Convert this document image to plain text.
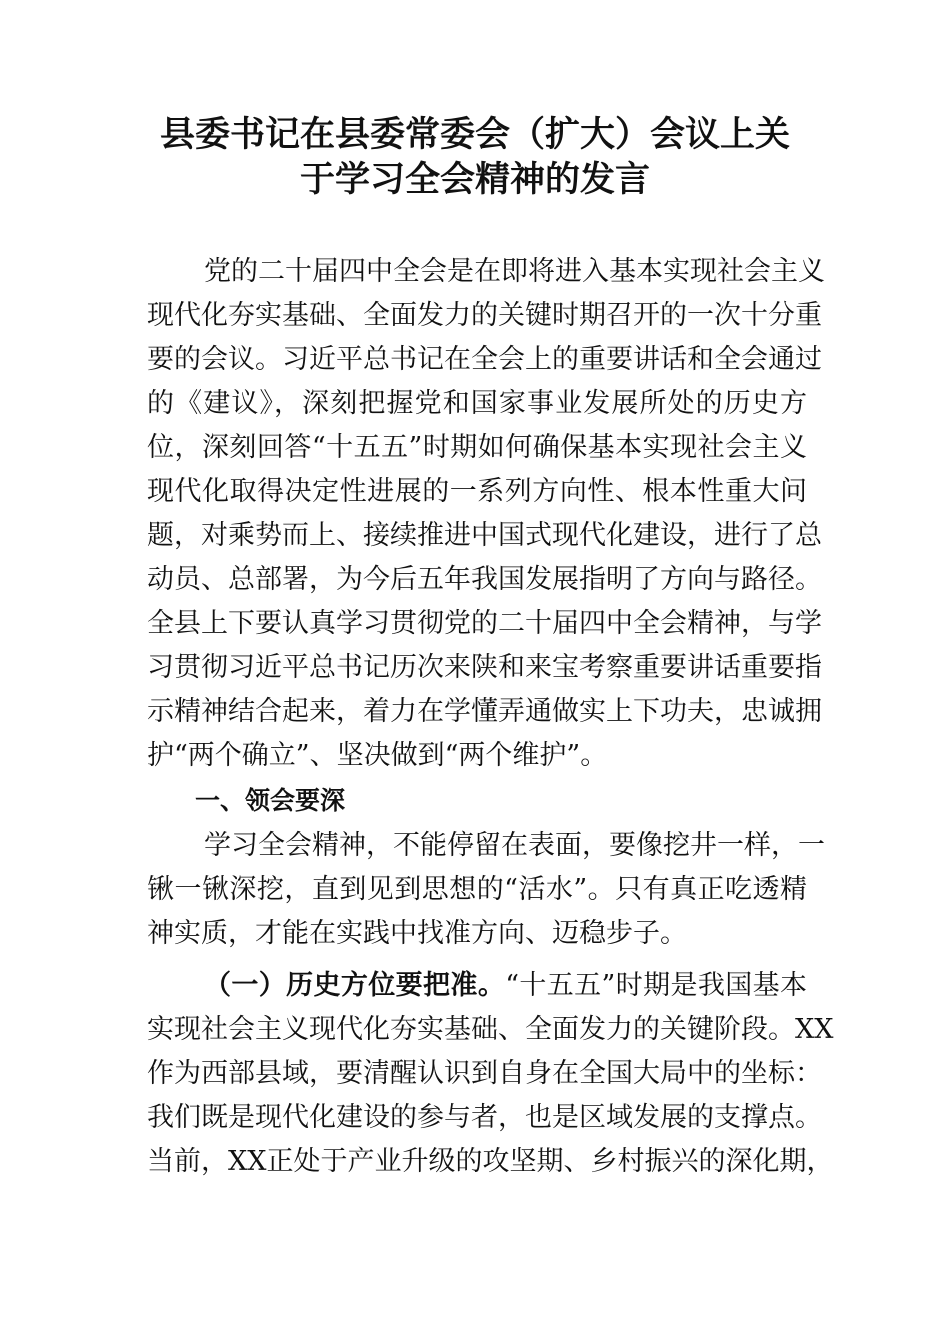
县委书记在县委常委会（扩大）会议上关
于学习全会精神的发言
党的二十届四中全会是在即将进入基本实现社会主义
现代化夯实基础、全面发力的关键时期召开的一次十分重
要的会议。习近平总书记在全会上的重要讲话和全会通过
的《建议》，深刻把握党和国家事业发展所处的历史方
位，深刻回答“十五五”时期如何确保基本实现社会主义
现代化取得决定性进展的一系列方向性、根本性重大问
题，对乘势而上、接续推进中国式现代化建设，进行了总
动员、总部署，为今后五年我国发展指明了方向与路径。
全县上下要认真学习贯彻党的二十届四中全会精神，与学
习贯彻习近平总书记历次来陕和来宝考察重要讲话重要指
示精神结合起来，着力在学懂弄通做实上下功夫，忠诚拥
护“两个确立”、坚决做到“两个维护”。
一、领会要深
学习全会精神，不能停留在表面，要像挖井一样，一
锹一锹深挖，直到见到思想的“活水”。只有真正吃透精
神实质，才能在实践中找准方向、迈稳步子。
（一）历史方位要把准。“十五五”时期是我国基本
实现社会主义现代化夯实基础、全面发力的关键阶段。XX
作为西部县域，要清醒认识到自身在全国大局中的坐标：
我们既是现代化建设的参与者，也是区域发展的支撑点。
当前，XX正处于产业升级的攻坚期、乡村振兴的深化期，
